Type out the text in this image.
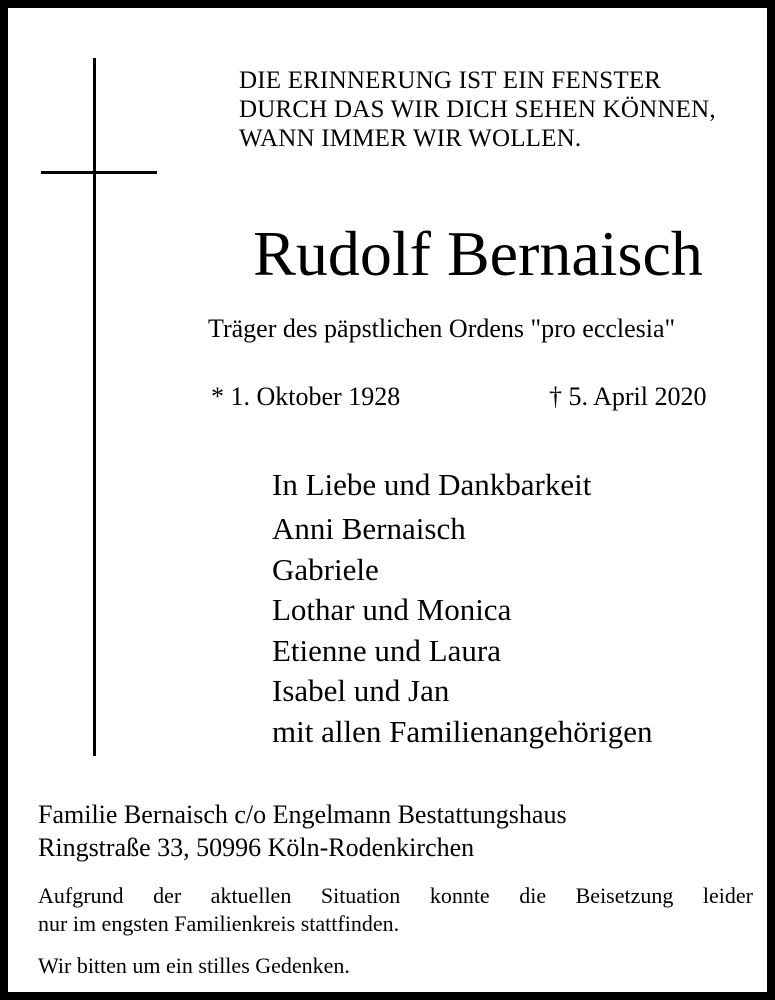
DIE ERINNERUNG IST EIN FENSTER
DURCH DAS WIR DICH SEHEN KÖNNEN,
WANN IMMER WIR WOLLEN.
Rudolf Bernaisch
Träger des päpstlichen Ordens "pro ecclesia"
* 1. Oktober 1928	† 5. April 2020
In Liebe und Dankbarkeit
Anni Bernaisch
Gabriele
Lothar und Monica
Etienne und Laura
Isabel und Jan
mit allen Familienangehörigen
Familie Bernaisch c/o Engelmann Bestattungshaus
Ringstraße 33, 50996 Köln-Rodenkirchen
Aufgrund der aktuellen Situation konnte die Beisetzung leider
nur im engsten Familienkreis stattfinden.
Wir bitten um ein stilles Gedenken.
